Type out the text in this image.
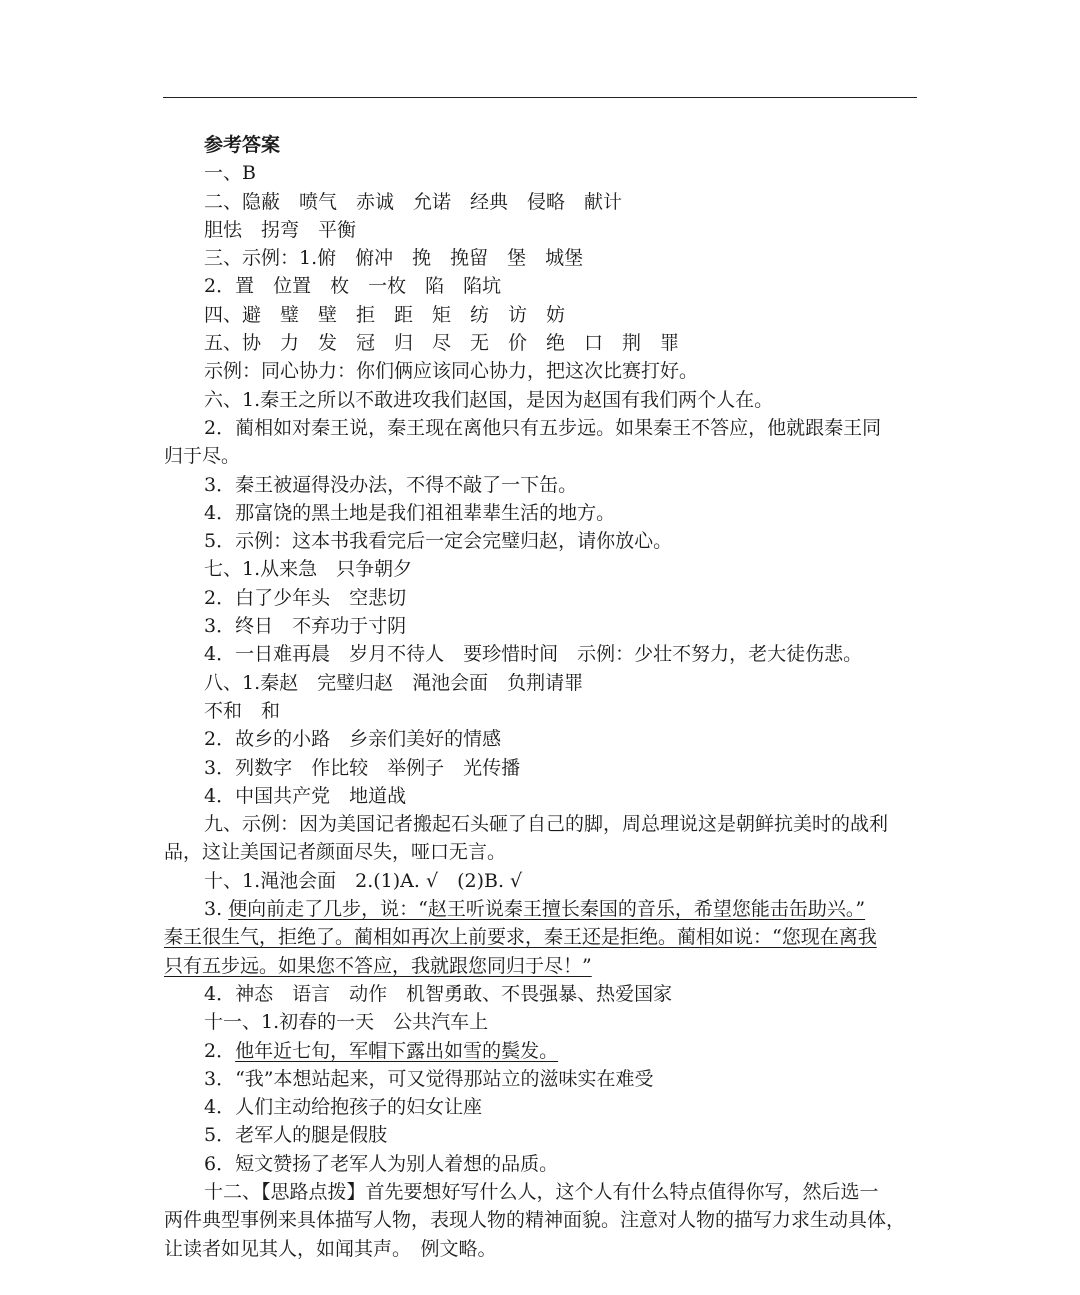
参考答案
一、B
二、隐蔽　喷气　赤诚　允诺　经典　侵略　献计
胆怯　拐弯　平衡
三、示例：1.俯　俯冲　挽　挽留　堡　城堡
2．置　位置　枚　一枚　陷　陷坑
四、避　璧　壁　拒　距　矩　纺　访　妨
五、协　力　发　冠　归　尽　无　价　绝　口　荆　罪
示例：同心协力：你们俩应该同心协力，把这次比赛打好。
六、1.秦王之所以不敢进攻我们赵国，是因为赵国有我们两个人在。
2．蔺相如对秦王说，秦王现在离他只有五步远。如果秦王不答应，他就跟秦王同
归于尽。
3．秦王被逼得没办法，不得不敲了一下缶。
4．那富饶的黑土地是我们祖祖辈辈生活的地方。
5．示例：这本书我看完后一定会完璧归赵，请你放心。
七、1.从来急　只争朝夕
2．白了少年头　空悲切
3．终日　不弃功于寸阴
4．一日难再晨　岁月不待人　要珍惜时间　示例：少壮不努力，老大徒伤悲。
八、1.秦赵　完璧归赵　渑池会面　负荆请罪
不和　和
2．故乡的小路　乡亲们美好的情感
3．列数字　作比较　举例子　光传播
4．中国共产党　地道战
九、示例：因为美国记者搬起石头砸了自己的脚，周总理说这是朝鲜抗美时的战利
品，这让美国记者颜面尽失，哑口无言。
十、1.渑池会面　2.(1)A. √　(2)B. √
3. 便向前走了几步，说：“赵王听说秦王擅长秦国的音乐，希望您能击缶助兴。”
秦王很生气，拒绝了。蔺相如再次上前要求，秦王还是拒绝。蔺相如说：“您现在离我
只有五步远。如果您不答应，我就跟您同归于尽！”
4．神态　语言　动作　机智勇敢、不畏强暴、热爱国家
十一、1.初春的一天　公共汽车上
2．他年近七旬，军帽下露出如雪的鬓发。
3．“我”本想站起来，可又觉得那站立的滋味实在难受
4．人们主动给抱孩子的妇女让座
5．老军人的腿是假肢
6．短文赞扬了老军人为别人着想的品质。
十二、【思路点拨】首先要想好写什么人，这个人有什么特点值得你写，然后选一
两件典型事例来具体描写人物，表现人物的精神面貌。注意对人物的描写力求生动具体，
让读者如见其人，如闻其声。　例文略。
